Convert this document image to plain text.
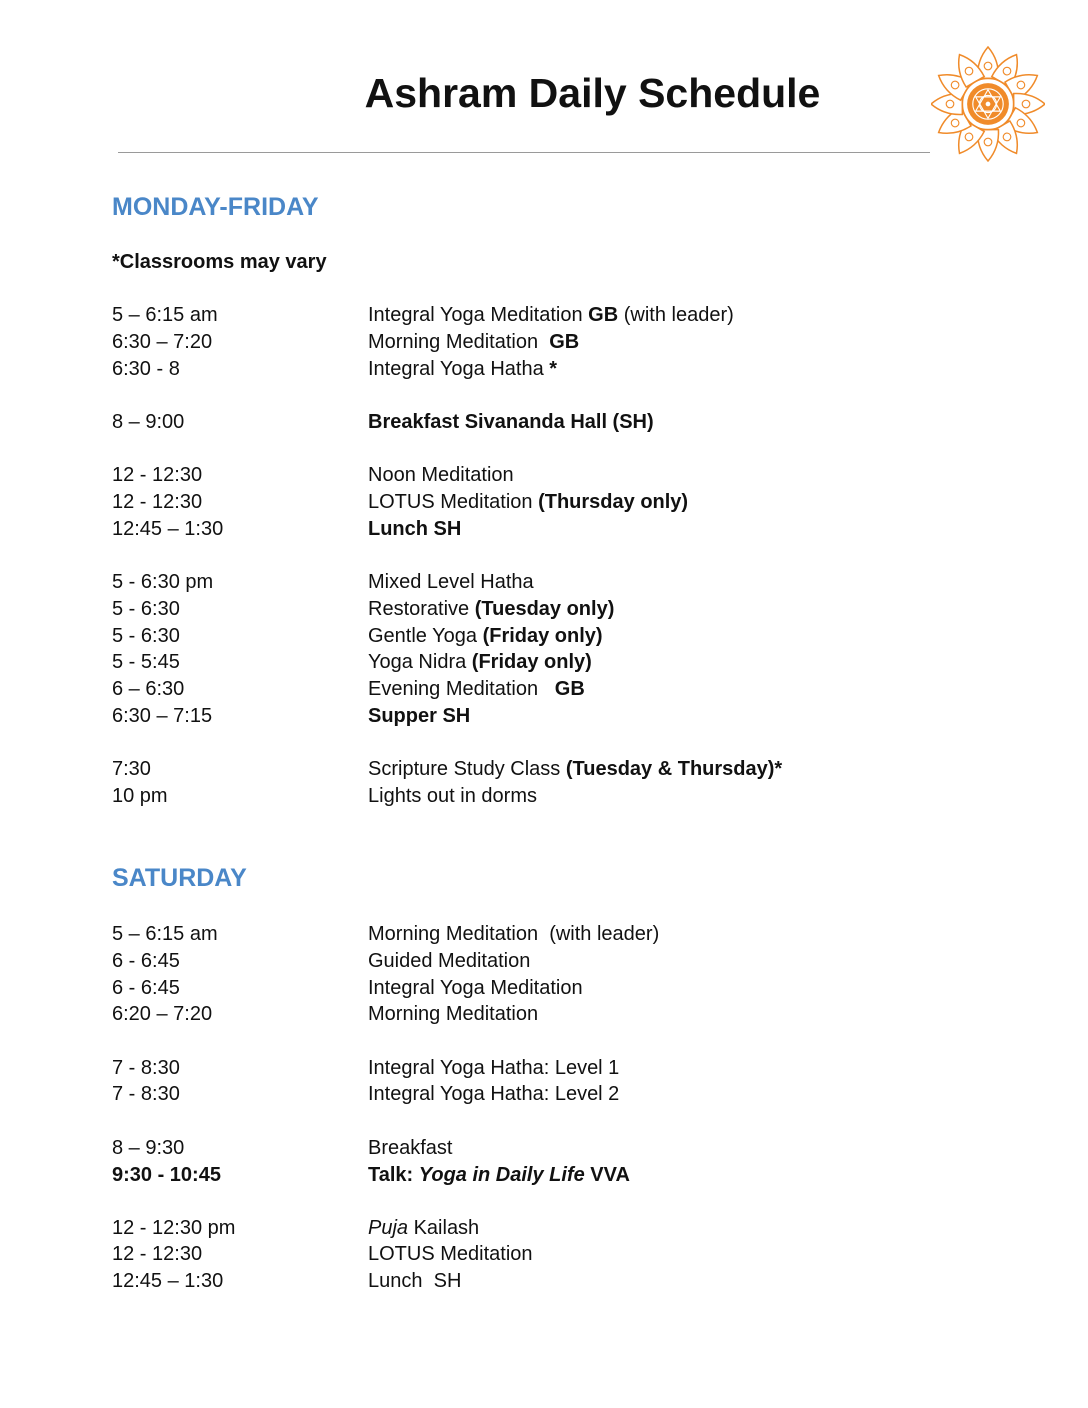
Ashram Daily Schedule
MONDAY-FRIDAY
*Classrooms may vary
5 – 6:15 am	Integral Yoga Meditation GB (with leader)
6:30 – 7:20	Morning Meditation  GB
6:30 - 8	Integral Yoga Hatha *
8 – 9:00	Breakfast Sivananda Hall (SH)
12 - 12:30	Noon Meditation
12 - 12:30	LOTUS Meditation (Thursday only)
12:45 – 1:30	Lunch SH
5 - 6:30 pm	Mixed Level Hatha
5 - 6:30	Restorative (Tuesday only)
5 - 6:30	Gentle Yoga (Friday only)
5 - 5:45	Yoga Nidra (Friday only)
6 – 6:30	Evening Meditation   GB
6:30 – 7:15	Supper SH
7:30	Scripture Study Class (Tuesday & Thursday)*
10 pm	Lights out in dorms
SATURDAY
5 – 6:15 am	Morning Meditation  (with leader)
6 - 6:45	Guided Meditation
6 - 6:45	Integral Yoga Meditation
6:20 – 7:20	Morning Meditation
7 - 8:30	Integral Yoga Hatha: Level 1
7 - 8:30	Integral Yoga Hatha: Level 2
8 – 9:30	Breakfast
9:30 - 10:45	Talk: Yoga in Daily Life VVA
12 - 12:30 pm	Puja Kailash
12 - 12:30	LOTUS Meditation
12:45 – 1:30	Lunch  SH
